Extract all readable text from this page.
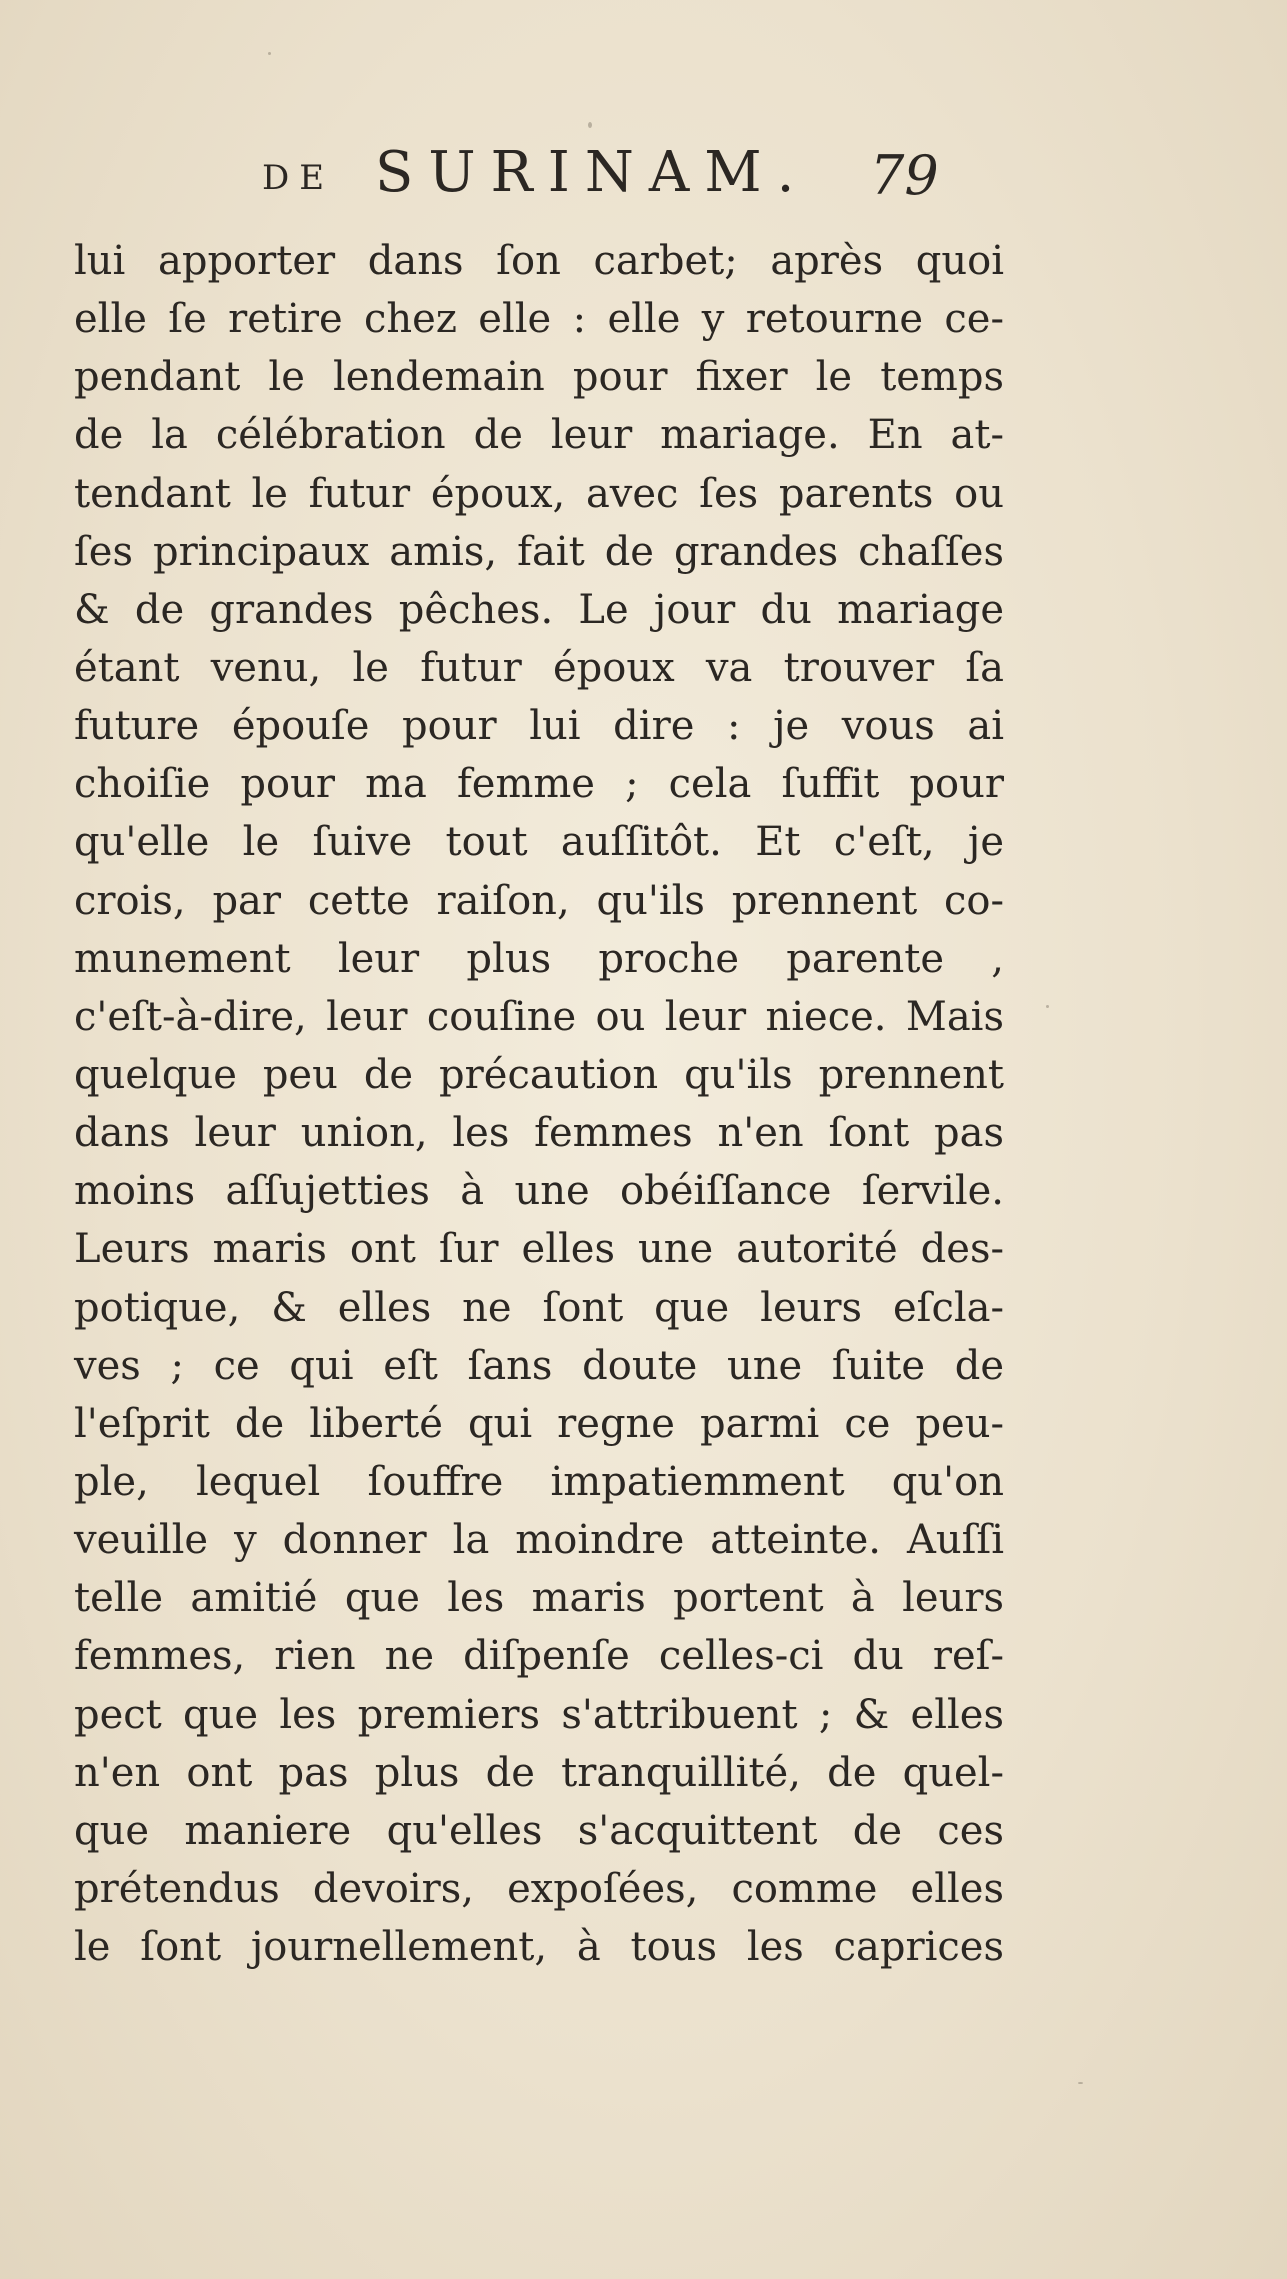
DE SURINAM. 79
lui apporter dans ſon carbet; après quoi
elle ſe retire chez elle : elle y retourne ce-
pendant le lendemain pour fixer le temps
de la célébration de leur mariage. En at-
tendant le futur époux, avec ſes parents ou
ſes principaux amis, fait de grandes chaſſes
& de grandes pêches. Le jour du mariage
étant venu, le futur époux va trouver ſa
future épouſe pour lui dire : je vous ai
choiſie pour ma femme ; cela ſuffit pour
qu'elle le ſuive tout auſſitôt. Et c'eſt, je
crois, par cette raiſon, qu'ils prennent co-
munement leur plus proche parente ,
c'eſt-à-dire, leur couſine ou leur niece. Mais
quelque peu de précaution qu'ils prennent
dans leur union, les femmes n'en ſont pas
moins aſſujetties à une obéiſſance ſervile.
Leurs maris ont ſur elles une autorité des-
potique, & elles ne ſont que leurs eſcla-
ves ; ce qui eſt ſans doute une ſuite de
l'eſprit de liberté qui regne parmi ce peu-
ple, lequel ſouffre impatiemment qu'on
veuille y donner la moindre atteinte. Auſſi
telle amitié que les maris portent à leurs
femmes, rien ne diſpenſe celles-ci du reſ-
pect que les premiers s'attribuent ; & elles
n'en ont pas plus de tranquillité, de quel-
que maniere qu'elles s'acquittent de ces
prétendus devoirs, expoſées, comme elles
le ſont journellement, à tous les caprices
